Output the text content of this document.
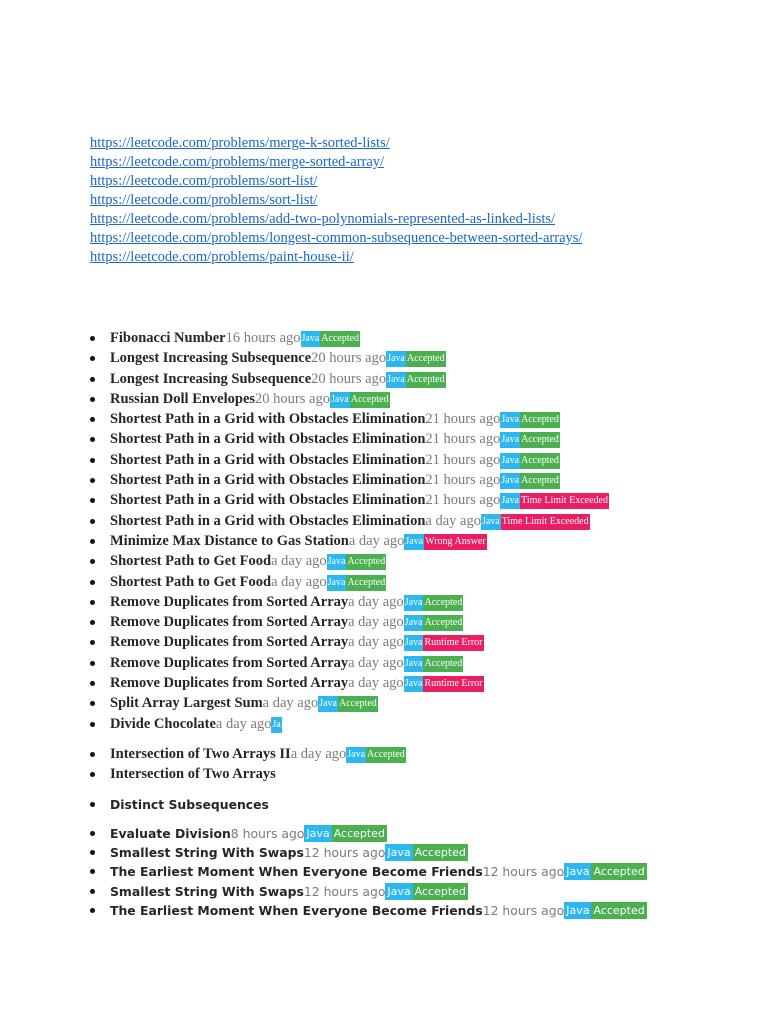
https://leetcode.com/problems/merge-k-sorted-lists/
https://leetcode.com/problems/merge-sorted-array/
https://leetcode.com/problems/sort-list/
https://leetcode.com/problems/sort-list/
https://leetcode.com/problems/add-two-polynomials-represented-as-linked-lists/
https://leetcode.com/problems/longest-common-subsequence-between-sorted-arrays/
https://leetcode.com/problems/paint-house-ii/
Fibonacci Number16 hours agoJava Accepted
Longest Increasing Subsequence20 hours agoJava Accepted
Longest Increasing Subsequence20 hours agoJava Accepted
Russian Doll Envelopes20 hours agoJava Accepted
Shortest Path in a Grid with Obstacles Elimination21 hours agoJava Accepted
Shortest Path in a Grid with Obstacles Elimination21 hours agoJava Accepted
Shortest Path in a Grid with Obstacles Elimination21 hours agoJava Accepted
Shortest Path in a Grid with Obstacles Elimination21 hours agoJava Accepted
Shortest Path in a Grid with Obstacles Elimination21 hours agoJava Time Limit Exceeded
Shortest Path in a Grid with Obstacles Eliminationa day agoJava Time Limit Exceeded
Minimize Max Distance to Gas Stationa day agoJava Wrong Answer
Shortest Path to Get Fooda day agoJava Accepted
Shortest Path to Get Fooda day agoJava Accepted
Remove Duplicates from Sorted Arraya day agoJava Accepted
Remove Duplicates from Sorted Arraya day agoJava Accepted
Remove Duplicates from Sorted Arraya day agoJava Runtime Error
Remove Duplicates from Sorted Arraya day agoJava Accepted
Remove Duplicates from Sorted Arraya day agoJava Runtime Error
Split Array Largest Suma day agoJava Accepted
Divide Chocolatea day agoJa
Intersection of Two Arrays IIa day agoJava Accepted
Intersection of Two Arrays
Distinct Subsequences
Evaluate Division8 hours ago Java Accepted
Smallest String With Swaps12 hours ago Java Accepted
The Earliest Moment When Everyone Become Friends12 hours ago Java Accepted
Smallest String With Swaps12 hours ago Java Accepted
The Earliest Moment When Everyone Become Friends12 hours ago Java Accepted
